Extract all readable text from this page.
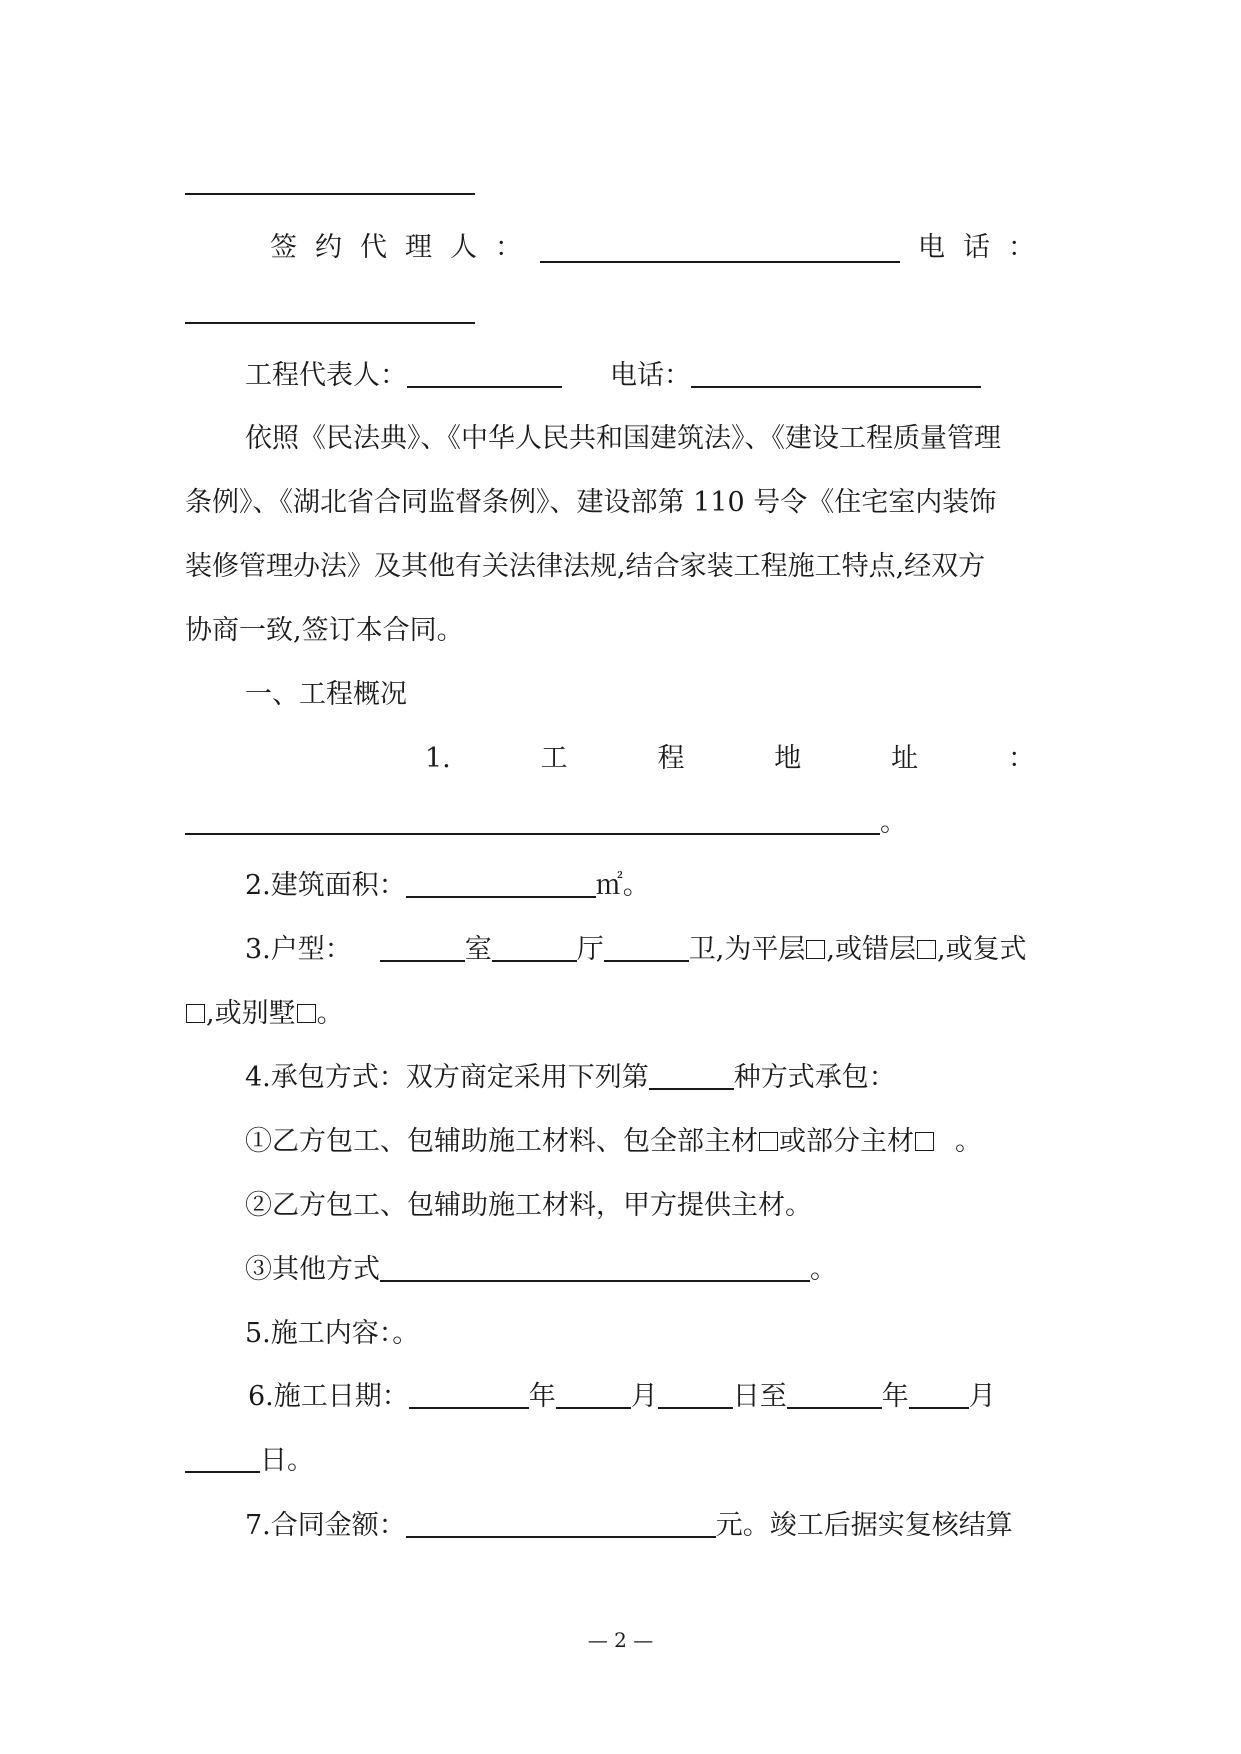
签 约 代 理 人 ：	电 话 ：
工程代表人：	电话：
依照《民法典》、《中华人民共和国建筑法》、《建设工程质量管理
条例》、《湖北省合同监督条例》、建设部第 110 号令《住宅室内装饰
装修管理办法》及其他有关法律法规,结合家装工程施工特点,经双方
协商一致,签订本合同。
一、工程概况
1.	工	程	地	址	：
。
2.建筑面积：	㎡。
3.户型：	室	厅	卫,为平层 ,或错层 ,或复式
,或别墅 。
4.承包方式：双方商定采用下列第	种方式承包：
①乙方包工、包辅助施工材料、包全部主材 或部分主材 。
②乙方包工、包辅助施工材料，甲方提供主材。
③其他方式	。
5.施工内容：。
6.施工日期：	年	月	日至	年 月
日。
7.合同金额：	元。竣工后据实复核结算
— 2 —
